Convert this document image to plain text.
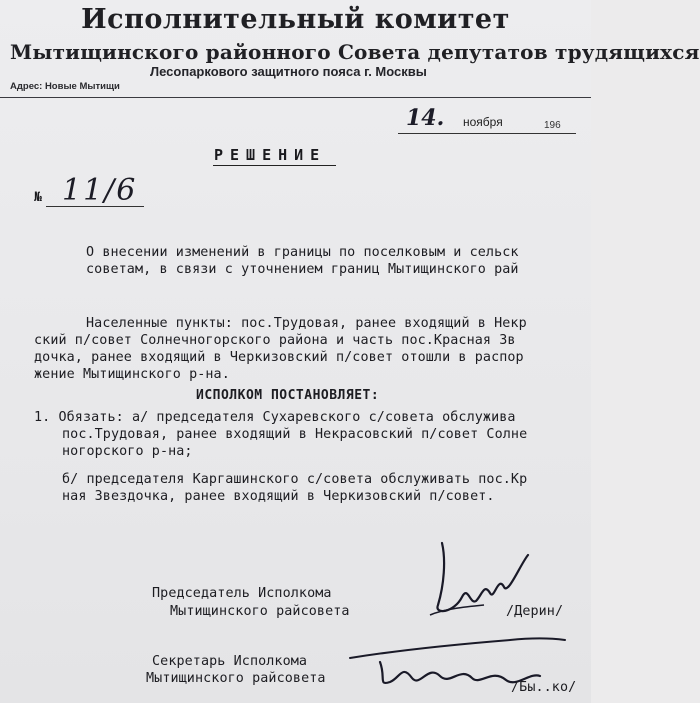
Исполнительный комитет
Мытищинского районного Совета депутатов трудящихся
Лесопаркового защитного пояса г. Москвы
Адрес: Новые Мытищи
14. ноября	196
РЕШЕНИЕ
№ 11/6
О внесении изменений в границы по поселковым и сельск
советам, в связи с уточнением границ Мытищинского рай
Населенные пункты: пос.Трудовая, ранее входящий в Некр
ский п/совет Солнечногорского района и часть пос.Красная Зв
дочка, ранее входящий в Черкизовский п/совет отошли в распор
жение Мытищинского р-на.
ИСПОЛКОМ ПОСТАНОВЛЯЕТ:
1. Обязать: а/ председателя Сухаревского с/совета обслужива
пос.Трудовая, ранее входящий в Некрасовский п/совет Солне
ногорского р-на;
б/ председателя Каргашинского с/совета обслуживать пос.Кр
ная Звездочка, ранее входящий в Черкизовский п/совет.
Председатель Исполкома
Мытищинского райсовета	/Дерин/
Секретарь Исполкома
Мытищинского райсовета
/Бы..ко/
